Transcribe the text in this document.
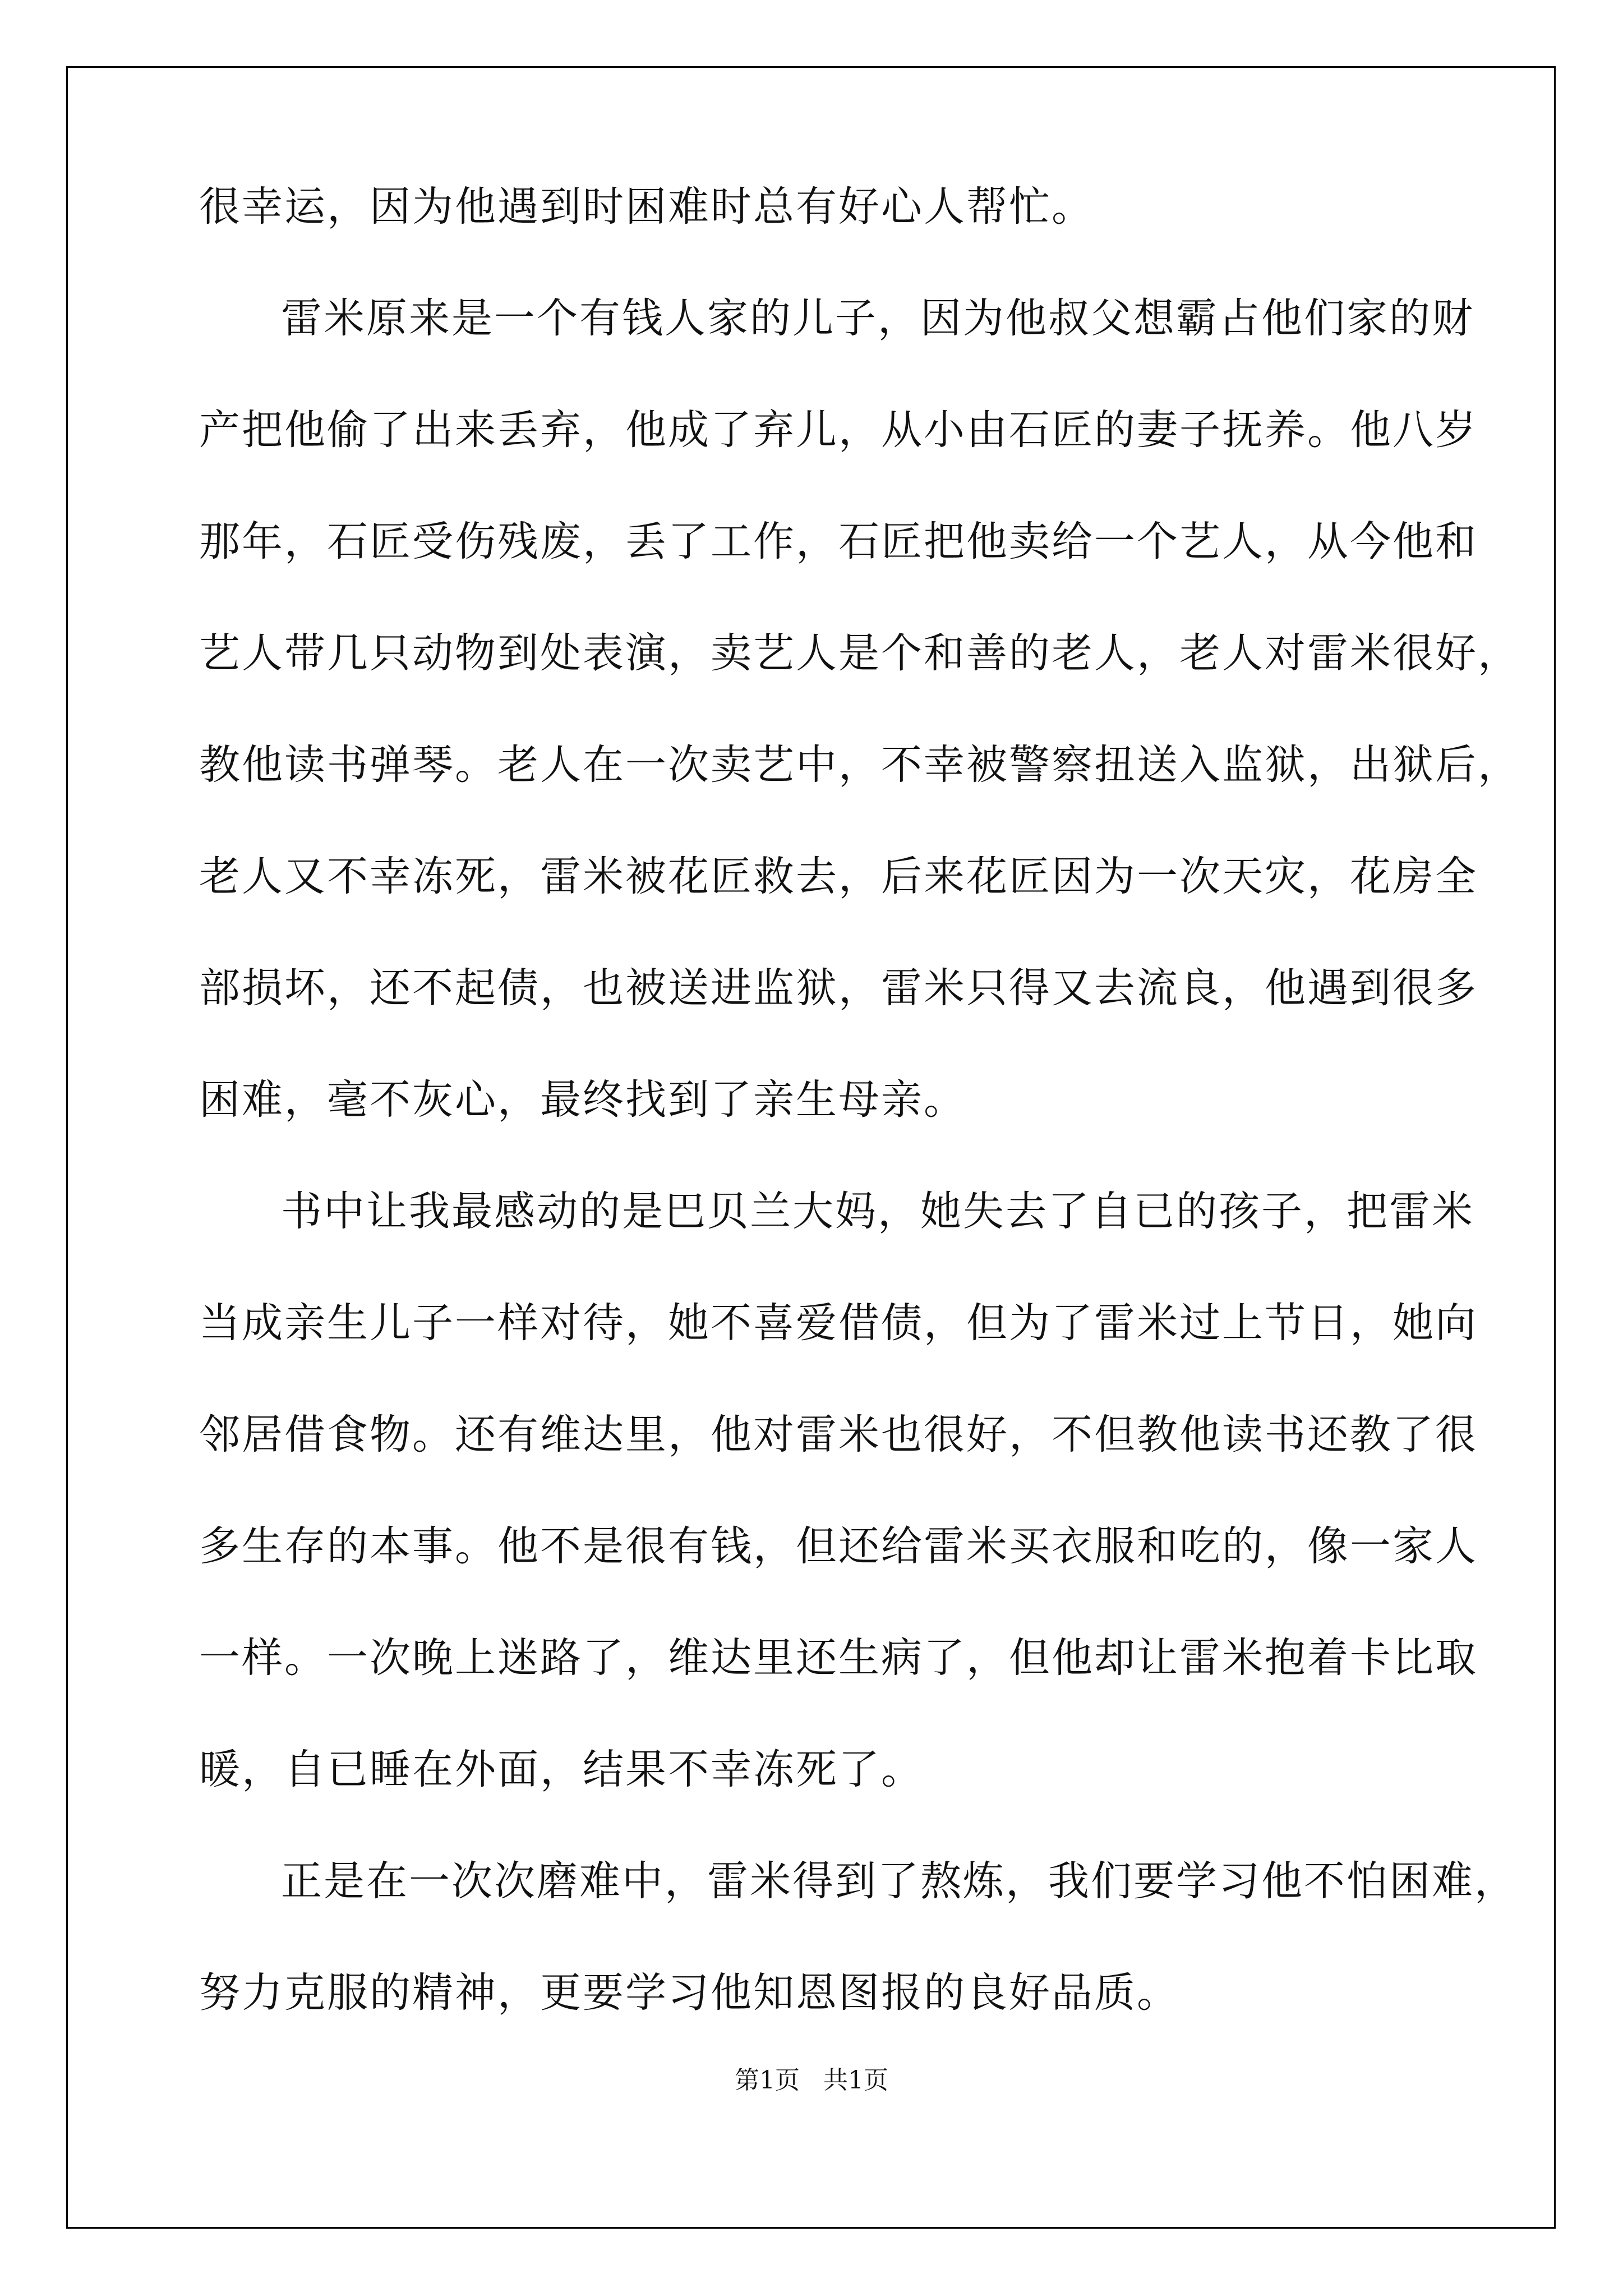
很幸运，因为他遇到时困难时总有好心人帮忙。
雷米原来是一个有钱人家的儿子，因为他叔父想霸占他们家的财
产把他偷了出来丢弃，他成了弃儿，从小由石匠的妻子抚养。他八岁
那年，石匠受伤残废，丢了工作，石匠把他卖给一个艺人，从今他和
艺人带几只动物到处表演，卖艺人是个和善的老人，老人对雷米很好，
教他读书弹琴。老人在一次卖艺中，不幸被警察扭送入监狱，出狱后，
老人又不幸冻死，雷米被花匠救去，后来花匠因为一次天灾，花房全
部损坏，还不起债，也被送进监狱，雷米只得又去流良，他遇到很多
困难，毫不灰心，最终找到了亲生母亲。
书中让我最感动的是巴贝兰大妈，她失去了自已的孩子，把雷米
当成亲生儿子一样对待，她不喜爱借债，但为了雷米过上节日，她向
邻居借食物。还有维达里，他对雷米也很好，不但教他读书还教了很
多生存的本事。他不是很有钱，但还给雷米买衣服和吃的，像一家人
一样。一次晚上迷路了，维达里还生病了，但他却让雷米抱着卡比取
暖，自已睡在外面，结果不幸冻死了。
正是在一次次磨难中，雷米得到了熬炼，我们要学习他不怕困难，
努力克服的精神，更要学习他知恩图报的良好品质。
第1页   共1页
